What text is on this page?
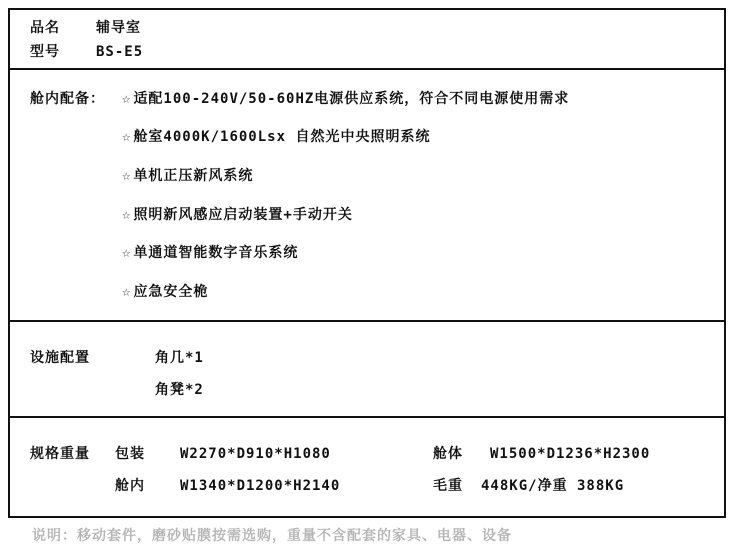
品名	辅导室
型号	BS-E5
舱内配备： ☆ 适配100-240V/50-60HZ电源供应系统，符合不同电源使用需求
☆ 舱室4000K/1600Lsx 自然光中央照明系统
☆ 单机正压新风系统
☆ 照明新风感应启动装置+手动开关
☆ 单通道智能数字音乐系统
☆ 应急安全桅
设施配置	角几*1
角凳*2
规格重量 包装	W2270*D910*H1080	舱体 W1500*D1236*H2300
舱内	W1340*D1200*H2140	毛重 448KG/净重 388KG
说明：移动套件，磨砂贴膜按需选购，重量不含配套的家具、电器、设备
